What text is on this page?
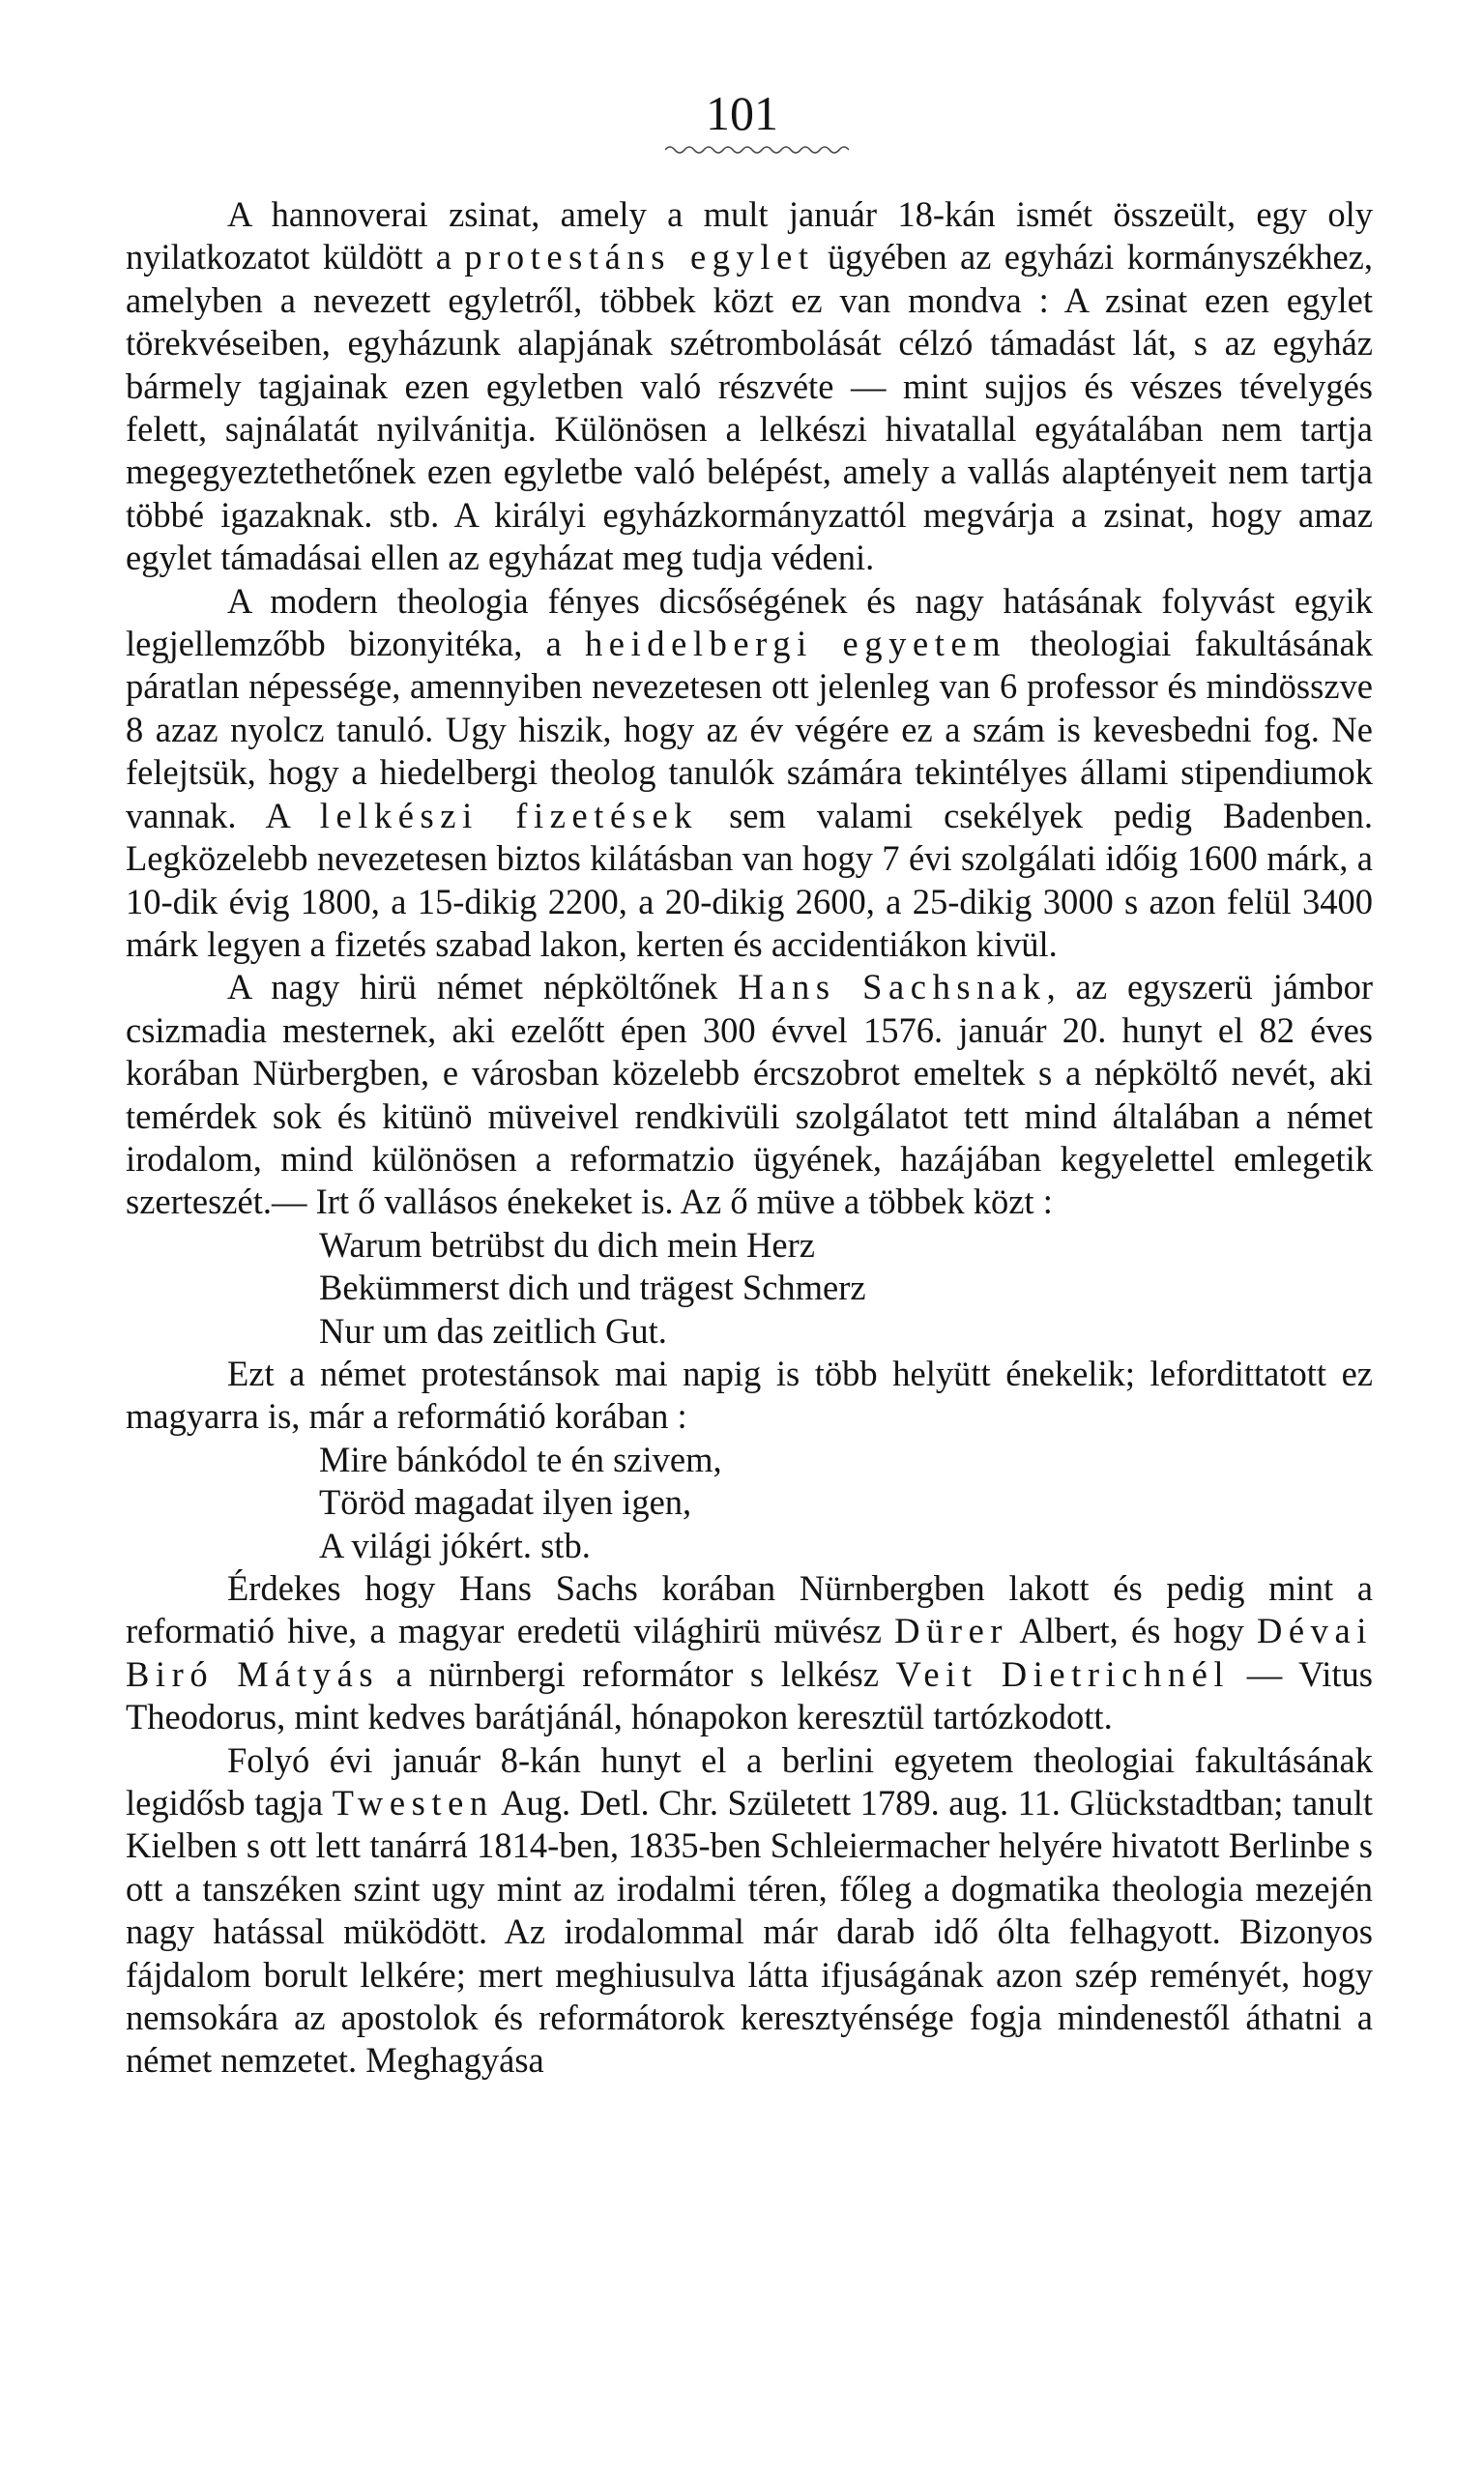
101

A hannoverai zsinat, amely a mult január 18-kán ismét összeült, egy oly nyilatkozatot küldött a protestáns egylet ügyében az egyházi kormányszékhez, amelyben a nevezett egyletről, többek közt ez van mondva : A zsinat ezen egylet törekvéseiben, egyházunk alapjának szétrombolását célzó támadást lát, s az egyház bármely tagjainak ezen egyletben való részvéte — mint sujjos és vészes tévelygés felett, sajnálatát nyilvánitja. Különösen a lelkészi hivatallal egyátalában nem tartja megegyeztethetőnek ezen egyletbe való belépést, amely a vallás alaptényeit nem tartja többé igazaknak. stb. A királyi egyházkormányzattól megvárja a zsinat, hogy amaz egylet támadásai ellen az egyházat meg tudja védeni.

A modern theologia fényes dicsőségének és nagy hatásának folyvást egyik legjellemzőbb bizonyitéka, a heidelbergi egyetem theologiai fakultásának páratlan népessége, amennyiben nevezetesen ott jelenleg van 6 professor és mindösszve 8 azaz nyolcz tanuló. Ugy hiszik, hogy az év végére ez a szám is kevesbedni fog. Ne felejtsük, hogy a hiedelbergi theolog tanulók számára tekintélyes állami stipendiumok vannak. A lelkészi fizetések sem valami csekélyek pedig Badenben. Legközelebb nevezetesen biztos kilátásban van hogy 7 évi szolgálati időig 1600 márk, a 10-dik évig 1800, a 15-dikig 2200, a 20-dikig 2600, a 25-dikig 3000 s azon felül 3400 márk legyen a fizetés szabad lakon, kerten és accidentiákon kivül.

A nagy hirü német népköltőnek Hans Sachsnak, az egyszerü jámbor csizmadia mesternek, aki ezelőtt épen 300 évvel 1576. január 20. hunyt el 82 éves korában Nürbergben, e városban közelebb ércszobrot emeltek s a népköltő nevét, aki temérdek sok és kitünö müveivel rendkivüli szolgálatot tett mind általában a német irodalom, mind különösen a reformatzio ügyének, hazájában kegyelettel emlegetik szerteszét.— Irt ő vallásos énekeket is. Az ő müve a többek közt :

Warum betrübst du dich mein Herz
Bekümmerst dich und trägest Schmerz
Nur um das zeitlich Gut.

Ezt a német protestánsok mai napig is több helyütt énekelik; lefordittatott ez magyarra is, már a reformátió korában :

Mire bánkódol te én szivem,
Töröd magadat ilyen igen,
A világi jókért. stb.

Érdekes hogy Hans Sachs korában Nürnbergben lakott és pedig mint a reformatió hive, a magyar eredetü világhirü müvész Dürer Albert, és hogy Dévai Biró Mátyás a nürnbergi reformátor s lelkész Veit Dietrichnél — Vitus Theodorus, mint kedves barátjánál, hónapokon keresztül tartózkodott.

Folyó évi január 8-kán hunyt el a berlini egyetem theologiai fakultásának legidősb tagja Twesten Aug. Detl. Chr. Született 1789. aug. 11. Glückstadtban; tanult Kielben s ott lett tanárrá 1814-ben, 1835-ben Schleiermacher helyére hivatott Berlinbe s ott a tanszéken szint ugy mint az irodalmi téren, főleg a dogmatika theologia mezején nagy hatással müködött. Az irodalommal már darab idő ólta felhagyott. Bizonyos fájdalom borult lelkére; mert meghiusulva látta ifjuságának azon szép reményét, hogy nemsokára az apostolok és reformátorok keresztyénsége fogja mindenestől áthatni a német nemzetet. Meghagyása
